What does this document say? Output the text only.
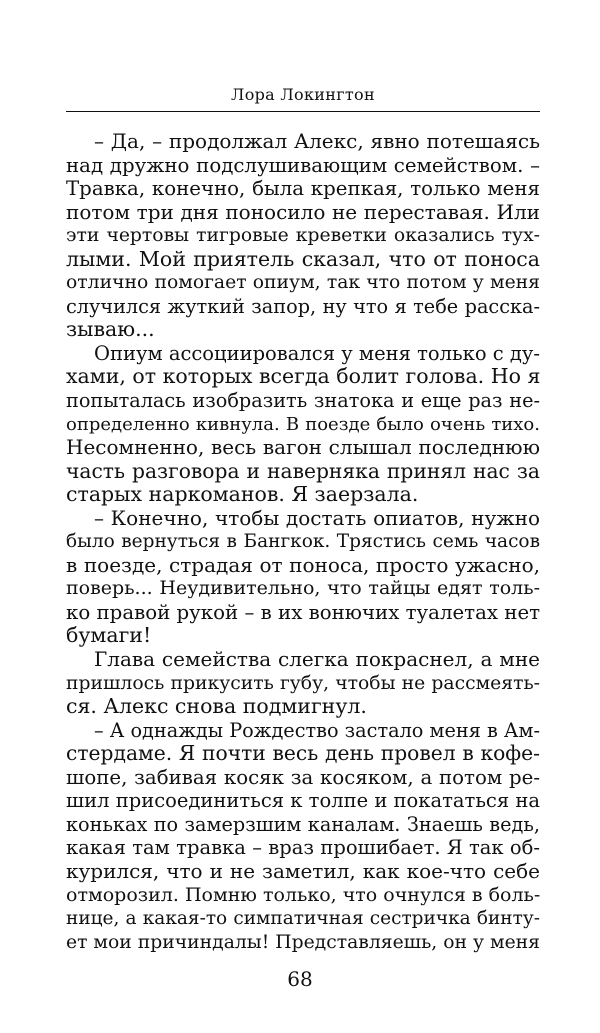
Лора Локингтон
– Да, – продолжал Алекс, явно потешаясь
над дружно подслушивающим семейством. –
Травка, конечно, была крепкая, только меня
потом три дня поносило не переставая. Или
эти чертовы тигровые креветки оказались тух-
лыми. Мой приятель сказал, что от поноса
отлично помогает опиум, так что потом у меня
случился жуткий запор, ну что я тебе расска-
зываю...
Опиум ассоциировался у меня только с ду-
хами, от которых всегда болит голова. Но я
попыталась изобразить знатока и еще раз не-
определенно кивнула. В поезде было очень тихо.
Несомненно, весь вагон слышал последнюю
часть разговора и наверняка принял нас за
старых наркоманов. Я заерзала.
– Конечно, чтобы достать опиатов, нужно
было вернуться в Бангкок. Трястись семь часов
в поезде, страдая от поноса, просто ужасно,
поверь... Неудивительно, что тайцы едят толь-
ко правой рукой – в их вонючих туалетах нет
бумаги!
Глава семейства слегка покраснел, а мне
пришлось прикусить губу, чтобы не рассмеять-
ся. Алекс снова подмигнул.
– А однажды Рождество застало меня в Ам-
стердаме. Я почти весь день провел в кофе-
шопе, забивая косяк за косяком, а потом ре-
шил присоединиться к толпе и покататься на
коньках по замерзшим каналам. Знаешь ведь,
какая там травка – враз прошибает. Я так об-
курился, что и не заметил, как кое-что себе
отморозил. Помню только, что очнулся в боль-
нице, а какая-то симпатичная сестричка бинту-
ет мои причиндалы! Представляешь, он у меня
68
